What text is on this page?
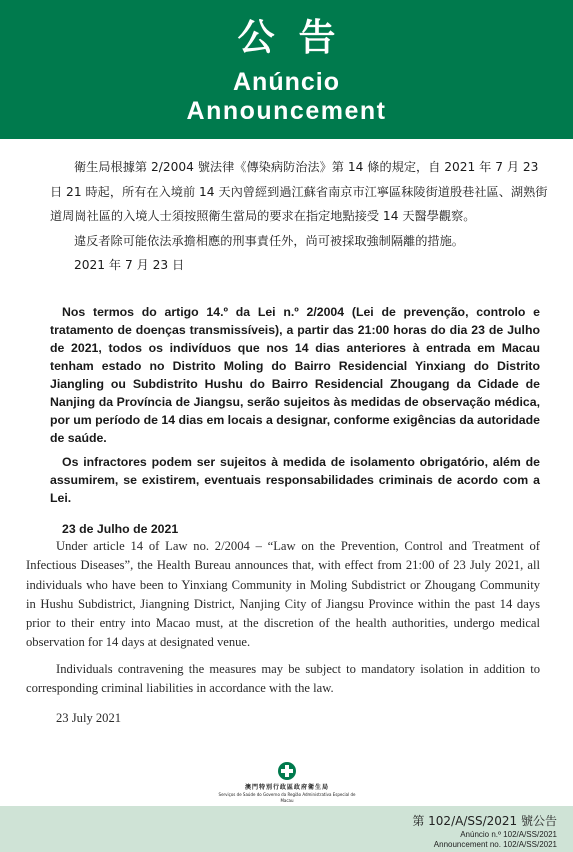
公告
Anúncio
Announcement

衛生局根據第 2/2004 號法律《傳染病防治法》第 14 條的規定，自 2021 年 7 月 23 日 21 時起，所有在入境前 14 天內曾經到過江蘇省南京市江寧區秣陵街道殷巷社區、湖熟街道周崗社區的入境人士須按照衛生當局的要求在指定地點接受 14 天醫學觀察。

違反者除可能依法承擔相應的刑事責任外，尚可被採取強制隔離的措施。

2021 年 7 月 23 日

Nos termos do artigo 14.º da Lei n.º 2/2004 (Lei de prevenção, controlo e tratamento de doenças transmissíveis), a partir das 21:00 horas do dia 23 de Julho de 2021, todos os indivíduos que nos 14 dias anteriores à entrada em Macau tenham estado no Distrito Moling do Bairro Residencial Yinxiang do Distrito Jiangling ou Subdistrito Hushu do Bairro Residencial Zhougang da Cidade de Nanjing da Província de Jiangsu, serão sujeitos às medidas de observação médica, por um período de 14 dias em locais a designar, conforme exigências da autoridade de saúde.

Os infractores podem ser sujeitos à medida de isolamento obrigatório, além de assumirem, se existirem, eventuais responsabilidades criminais de acordo com a Lei.

23 de Julho de 2021

Under article 14 of Law no. 2/2004 – “Law on the Prevention, Control and Treatment of Infectious Diseases”, the Health Bureau announces that, with effect from 21:00 of 23 July 2021, all individuals who have been to Yinxiang Community in Moling Subdistrict or Zhougang Community in Hushu Subdistrict, Jiangning District, Nanjing City of Jiangsu Province within the past 14 days prior to their entry into Macao must, at the discretion of the health authorities, undergo medical observation for 14 days at designated venue.

Individuals contravening the measures may be subject to mandatory isolation in addition to corresponding criminal liabilities in accordance with the law.

23 July 2021

澳門特別行政區政府衛生局
Serviços de Saúde do Governo da Região Administrativa Especial de Macau
第 102/A/SS/2021 號公告
Anúncio n.º 102/A/SS/2021
Announcement no. 102/A/SS/2021
